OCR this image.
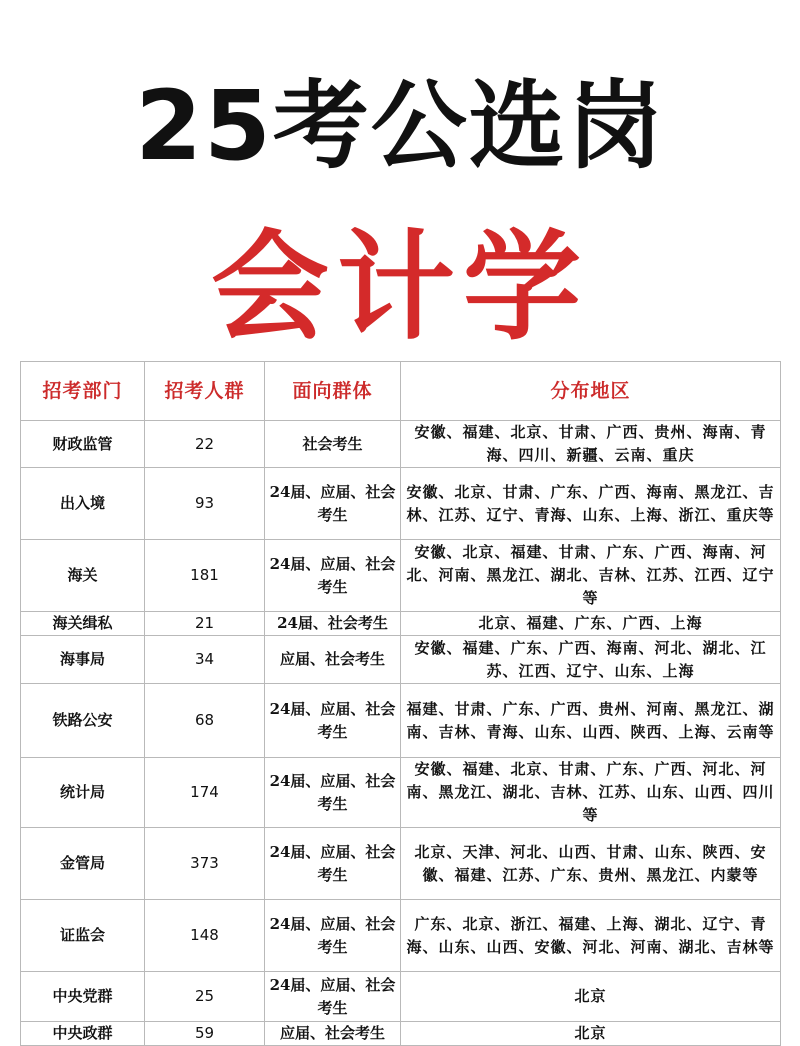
25考公选岗
会计学
招考部门	招考人群	面向群体	分布地区
财政监管	22	社会考生	安徽、福建、北京、甘肃、广西、贵州、海南、青海、四川、新疆、云南、重庆
出入境	93	24届、应届、社会考生	安徽、北京、甘肃、广东、广西、海南、黑龙江、吉林、江苏、辽宁、青海、山东、上海、浙江、重庆等
海关	181	24届、应届、社会考生	安徽、北京、福建、甘肃、广东、广西、海南、河北、河南、黑龙江、湖北、吉林、江苏、江西、辽宁等
海关缉私	21	24届、社会考生	北京、福建、广东、广西、上海
海事局	34	应届、社会考生	安徽、福建、广东、广西、海南、河北、湖北、江苏、江西、辽宁、山东、上海
铁路公安	68	24届、应届、社会考生	福建、甘肃、广东、广西、贵州、河南、黑龙江、湖南、吉林、青海、山东、山西、陕西、上海、云南等
统计局	174	24届、应届、社会考生	安徽、福建、北京、甘肃、广东、广西、河北、河南、黑龙江、湖北、吉林、江苏、山东、山西、四川等
金管局	373	24届、应届、社会考生	北京、天津、河北、山西、甘肃、山东、陕西、安徽、福建、江苏、广东、贵州、黑龙江、内蒙等
证监会	148	24届、应届、社会考生	广东、北京、浙江、福建、上海、湖北、辽宁、青海、山东、山西、安徽、河北、河南、湖北、吉林等
中央党群	25	24届、应届、社会考生	北京
中央政群	59	应届、社会考生	北京
